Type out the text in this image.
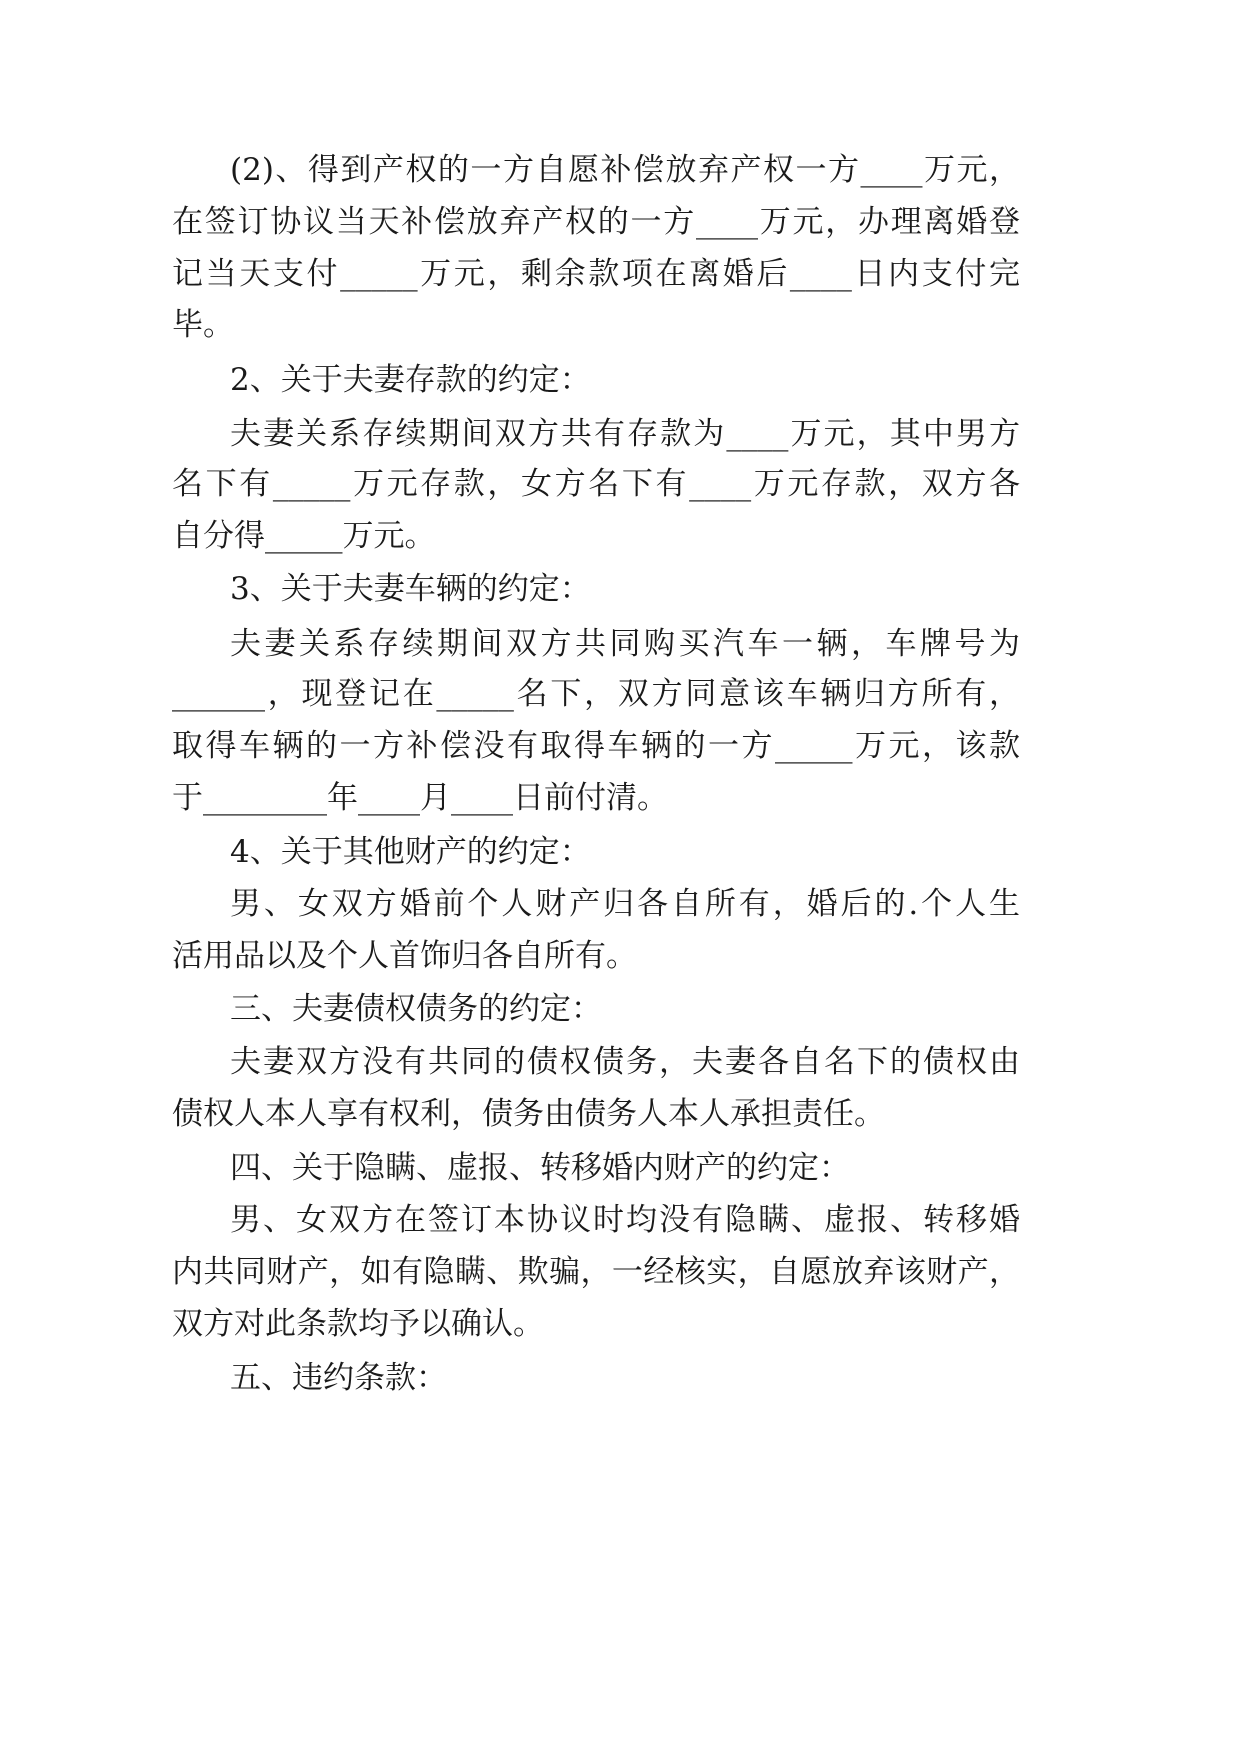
(2)、得到产权的一方自愿补偿放弃产权一方____万元，

在签订协议当天补偿放弃产权的一方____万元，办理离婚登

记当天支付_____万元，剩余款项在离婚后____日内支付完

毕。

2、关于夫妻存款的约定：

夫妻关系存续期间双方共有存款为____万元，其中男方

名下有_____万元存款，女方名下有____万元存款，双方各

自分得_____万元。

3、关于夫妻车辆的约定：

夫妻关系存续期间双方共同购买汽车一辆，车牌号为

______，现登记在_____名下，双方同意该车辆归方所有，

取得车辆的一方补偿没有取得车辆的一方_____万元，该款

于________年____月____日前付清。

4、关于其他财产的约定：

男、女双方婚前个人财产归各自所有，婚后的.个人生

活用品以及个人首饰归各自所有。

三、夫妻债权债务的约定：

夫妻双方没有共同的债权债务，夫妻各自名下的债权由

债权人本人享有权利，债务由债务人本人承担责任。

四、关于隐瞒、虚报、转移婚内财产的约定：

男、女双方在签订本协议时均没有隐瞒、虚报、转移婚

内共同财产，如有隐瞒、欺骗，一经核实，自愿放弃该财产，

双方对此条款均予以确认。

五、违约条款：
